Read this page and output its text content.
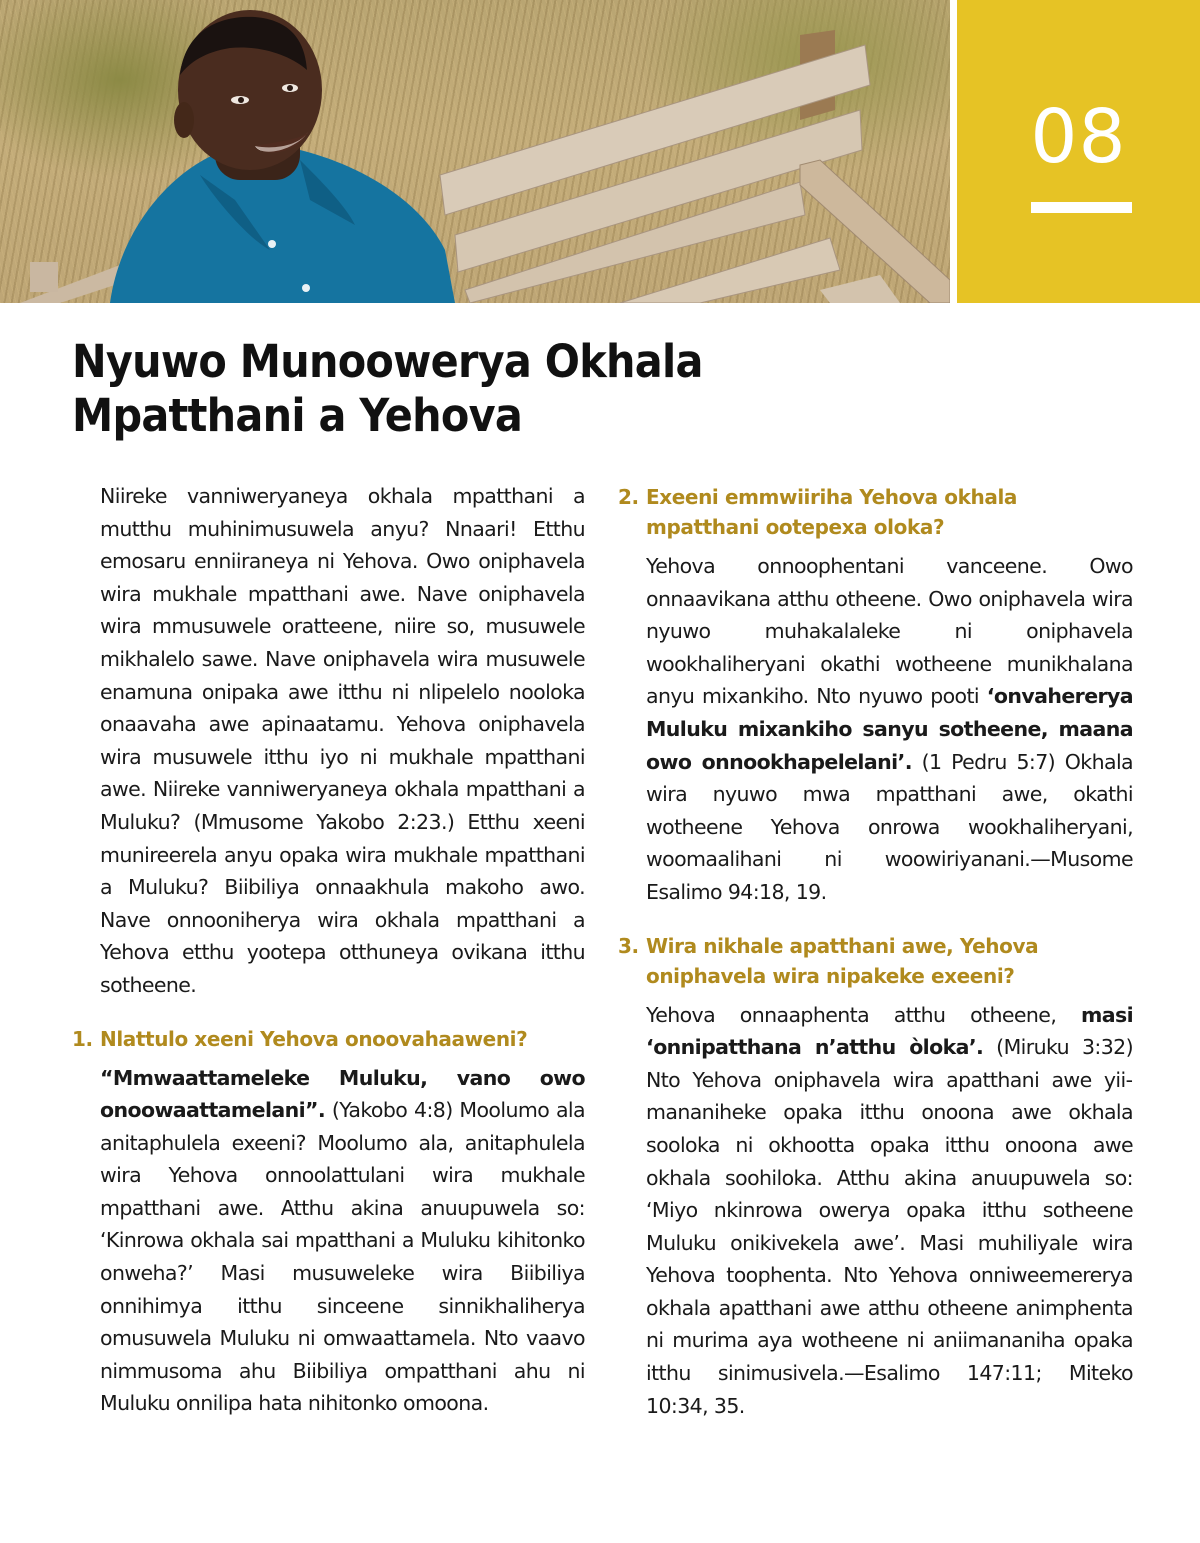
08
Nyuwo Munoowerya Okhala
Mpatthani a Yehova

Niireke vanniweryaneya okhala mpatthani a mutthu muhinimusuwela anyu? Nnaari! Etthu emosaru enniiraneya ni Yehova. Owo oniphavela wira mukhale mpatthani awe. Nave oniphavela wira mmusuwele oratteene, niire so, musuwele mikhalelo sawe. Nave oniphavela wira musuwele enamuna onipaka awe itthu ni nlipelelo nooloka onaavaha awe apinaatamu. Yehova oniphavela wira musuwele itthu iyo ni mukhale mpatthani awe. Niireke vanniweryaneya okhala mpatthani a Muluku? (Mmusome Yakobo 2:23.) Etthu xeeni munireerela anyu opaka wira mukhale mpatthani a Muluku? Biibiliya onnaakhula makoho awo. Nave onnooniherya wira okhala mpatthani a Yehova etthu yootepa otthuneya ovikana itthu sotheene.

1. Nlattulo xeeni Yehova onoovahaaweni?

“Mmwaattameleke Muluku, vano owo onoowaattamelani”. (Yakobo 4:8) Moolumo ala anitaphulela exeeni? Moolumo ala, anitaphulela wira Yehova onnoolattulani wira mukhale mpatthani awe. Atthu akina anuupuwela so: ‘Kinrowa okhala sai mpatthani a Muluku kihitonko onweha?’ Masi musuweleke wira Biibiliya onnihimya itthu sinceene sinnikhaliherya omusuwela Muluku ni omwaattamela. Nto vaavo nimmusoma ahu Biibiliya ompatthani ahu ni Muluku onnilipa hata nihitonko omoona.

2. Exeeni emmwiiriha Yehova okhala mpatthani ootepexa oloka?

Yehova onnoophentani vanceene. Owo onnaavikana atthu otheene. Owo oniphavela wira nyuwo muhakalaleke ni oniphavela wookhaliheryani okathi wotheene munikhalana anyu mixankiho. Nto nyuwo pooti ‘onvahererya Muluku mixankiho sanyu sotheene, maana owo onnookhapelelani’. (1 Pedru 5:7) Okhala wira nyuwo mwa mpatthani awe, okathi wotheene Yehova onrowa wookhaliheryani, woomaalihani ni woowiriyanani.—Musome Esalimo 94:18, 19.

3. Wira nikhale apatthani awe, Yehova oniphavela wira nipakeke exeeni?

Yehova onnaaphenta atthu otheene, masi ‘onnipatthana n’atthu òloka’. (Miruku 3:32) Nto Yehova oniphavela wira apatthani awe yiimananiheke opaka itthu onoona awe okhala sooloka ni okhootta opaka itthu onoona awe okhala soohiloka. Atthu akina anuupuwela so: ‘Miyo nkinrowa owerya opaka itthu sotheene Muluku onikivekela awe’. Masi muhiliyale wira Yehova toophenta. Nto Yehova onniweemererya okhala apatthani awe atthu otheene animphenta ni murima aya wotheene ni aniimananiha opaka itthu sinimusivela.—Esalimo 147:11; Miteko 10:34, 35.
